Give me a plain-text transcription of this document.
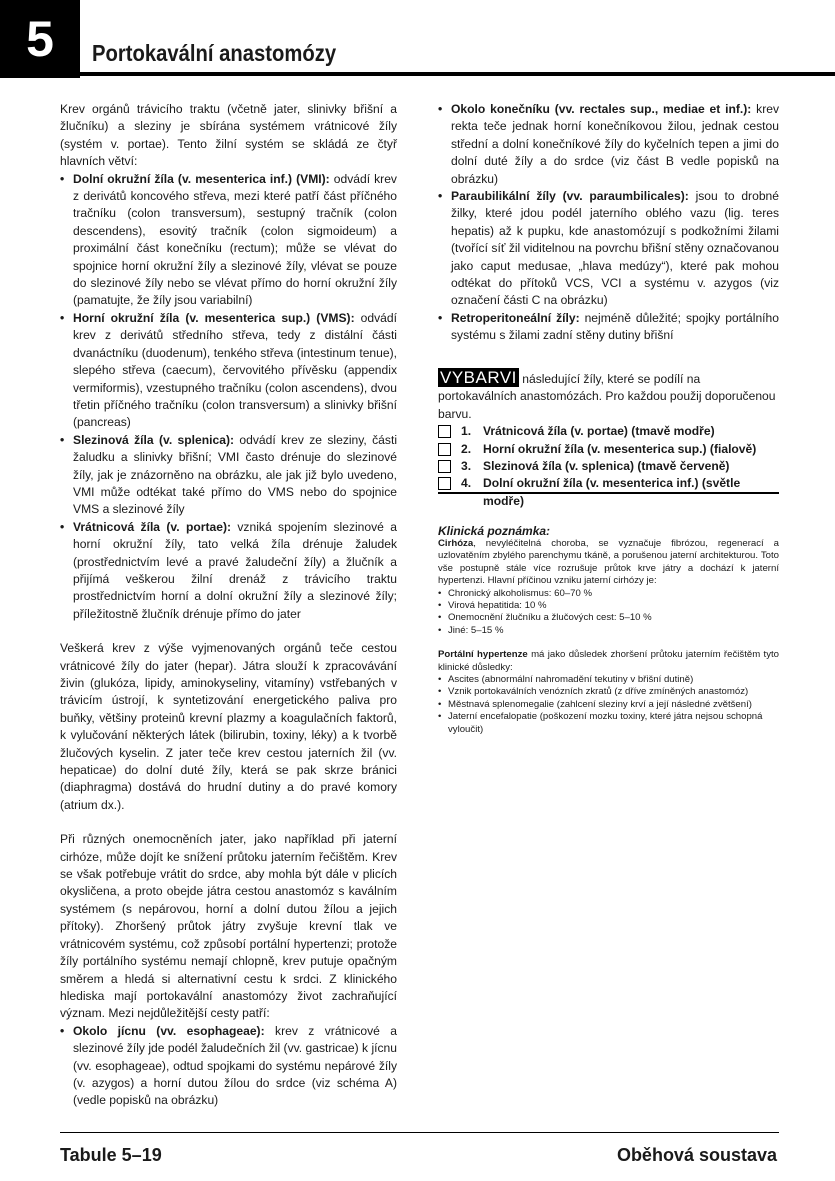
5	Portokavální anastomózy

Krev orgánů trávicího traktu (včetně jater, slinivky břišní a žlučníku) a sleziny je sbírána systémem vrátnicové žíly (systém v. portae). Tento žilní systém se skládá ze čtyř hlavních větví:

• Dolní okružní žíla (v. mesenterica inf.) (VMI): odvádí krev z derivátů koncového střeva, mezi které patří část příčného tračníku (colon transversum), sestupný tračník (colon descendens), esovitý tračník (colon sigmoideum) a proximální část konečníku (rectum); může se vlévat do spojnice horní okružní žíly a slezinové žíly, vlévat se pouze do slezinové žíly nebo se vlévat přímo do horní okružní žíly (pamatujte, že žíly jsou variabilní)
• Horní okružní žíla (v. mesenterica sup.) (VMS): odvádí krev z derivátů středního střeva, tedy z distální části dvanáctníku (duodenum), tenkého střeva (intestinum tenue), slepého střeva (caecum), červovitého přívěsku (appendix vermiformis), vzestupného tračníku (colon ascendens), dvou třetin příčného tračníku (colon transversum) a slinivky břišní (pancreas)
• Slezinová žíla (v. splenica): odvádí krev ze sleziny, části žaludku a slinivky břišní; VMI často drénuje do slezinové žíly, jak je znázorněno na obrázku, ale jak již bylo uvedeno, VMI může odtékat také přímo do VMS nebo do spojnice VMS a slezinové žíly
• Vrátnicová žíla (v. portae): vzniká spojením slezinové a horní okružní žíly, tato velká žíla drénuje žaludek (prostřednictvím levé a pravé žaludeční žíly) a žlučník a přijímá veškerou žilní drenáž z trávicího traktu prostřednictvím horní a dolní okružní žíly a slezinové žíly; příležitostně žlučník drénuje přímo do jater

Veškerá krev z výše vyjmenovaných orgánů teče cestou vrátnicové žíly do jater (hepar). Játra slouží k zpracovávání živin (glukóza, lipidy, aminokyseliny, vitamíny) vstřebaných v trávicím ústrojí, k syntetizování energetického paliva pro buňky, většiny proteinů krevní plazmy a koagulačních faktorů, k vylučování některých látek (bilirubin, toxiny, léky) a k tvorbě žlučových kyselin. Z jater teče krev cestou jaterních žil (vv. hepaticae) do dolní duté žíly, která se pak skrze bránici (diaphragma) dostává do hrudní dutiny a do pravé komory (atrium dx.).

Při různých onemocněních jater, jako například při jaterní cirhóze, může dojít ke snížení průtoku jaterním řečištěm. Krev se však potřebuje vrátit do srdce, aby mohla být dále v plicích okysličena, a proto obejde játra cestou anastomóz s kaválním systémem (s nepárovou, horní a dolní dutou žílou a jejich přítoky). Zhoršený průtok játry zvyšuje krevní tlak ve vrátnicovém systému, což způsobí portální hypertenzi; protože žíly portálního systému nemají chlopně, krev putuje opačným směrem a hledá si alternativní cestu k srdci. Z klinického hlediska mají portokavální anastomózy život zachraňující význam. Mezi nejdůležitější cesty patří:

• Okolo jícnu (vv. esophageae): krev z vrátnicové a slezinové žíly jde podél žaludečních žil (vv. gastricae) k jícnu (vv. esophageae), odtud spojkami do systému nepárové žíly (v. azygos) a horní dutou žílou do srdce (viz schéma A) (vedle popisků na obrázku)
• Okolo konečníku (vv. rectales sup., mediae et inf.): krev rekta teče jednak horní konečníkovou žilou, jednak cestou střední a dolní konečníkové žíly do kyčelních tepen a jimi do dolní duté žíly a do srdce (viz část B vedle popisků na obrázku)
• Paraubilikální žíly (vv. paraumbilicales): jsou to drobné žilky, které jdou podél jaterního oblého vazu (lig. teres hepatis) až k pupku, kde anastomózují s podkožními žilami (tvořící síť žil viditelnou na povrchu břišní stěny označovanou jako caput medusae, „hlava medúzy“), které pak mohou odtékat do přítoků VCS, VCI a systému v. azygos (viz označení části C na obrázku)
• Retroperitoneální žíly: nejméně důležité; spojky portálního systému s žilami zadní stěny dutiny břišní
VYBARVI následující žíly, které se podílí na portokaválních anastomózách. Pro každou použij doporučenou barvu.
1. Vrátnicová žíla (v. portae) (tmavě modře)
2. Horní okružní žíla (v. mesenterica sup.) (fialově)
3. Slezinová žíla (v. splenica) (tmavě červeně)
4. Dolní okružní žíla (v. mesenterica inf.) (světle modře)

Klinická poznámka:

Cirhóza, nevyléčitelná choroba, se vyznačuje fibrózou, regenerací a uzlovatěním zbylého parenchymu tkáně, a porušenou jaterní architekturou. Toto vše postupně stále více rozrušuje průtok krve játry a dochází k jaterní hypertenzi. Hlavní příčinou vzniku jaterní cirhózy je:

• Chronický alkoholismus: 60–70 %
• Virová hepatitida: 10 %
• Onemocnění žlučníku a žlučových cest: 5–10 %
• Jiné: 5–15 %

Portální hypertenze má jako důsledek zhoršení průtoku jaterním řečištěm tyto klinické důsledky:

• Ascites (abnormální nahromadění tekutiny v břišní dutině)
• Vznik portokaválních venózních zkratů (z dříve zmíněných anastomóz)
• Městnavá splenomegalie (zahlcení sleziny krví a její následné zvětšení)
• Jaterní encefalopatie (poškození mozku toxiny, které játra nejsou schopná vyloučit)
Tabule 5–19	Oběhová soustava
